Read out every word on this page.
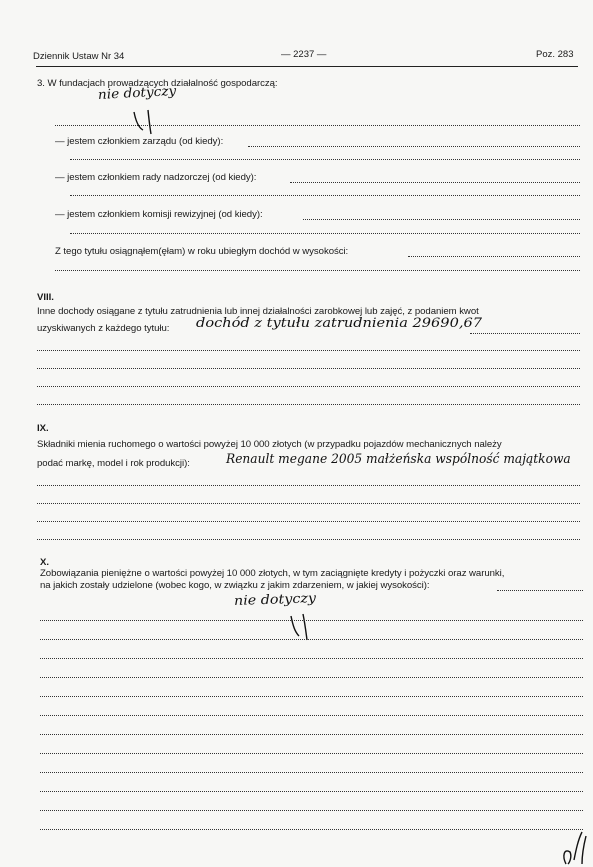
Dziennik Ustaw Nr 34	— 2237 —	Poz. 283
3. W fundacjach prowadzących działalność gospodarczą:
nie dotyczy
— jestem członkiem zarządu (od kiedy):
— jestem członkiem rady nadzorczej (od kiedy):
— jestem członkiem komisji rewizyjnej (od kiedy):
Z tego tytułu osiągnąłem(ęłam) w roku ubiegłym dochód w wysokości:
VIII.
Inne dochody osiągane z tytułu zatrudnienia lub innej działalności zarobkowej lub zajęć, z podaniem kwot
uzyskiwanych z każdego tytułu: dochód z tytułu zatrudnienia 29690,67
IX.
Składniki mienia ruchomego o wartości powyżej 10 000 złotych (w przypadku pojazdów mechanicznych należy
podać markę, model i rok produkcji):	Renault megane 2005 małżeńska wspólność majątkowa
X.
Zobowiązania pieniężne o wartości powyżej 10 000 złotych, w tym zaciągnięte kredyty i pożyczki oraz warunki,
na jakich zostały udzielone (wobec kogo, w związku z jakim zdarzeniem, w jakiej wysokości):
nie dotyczy
